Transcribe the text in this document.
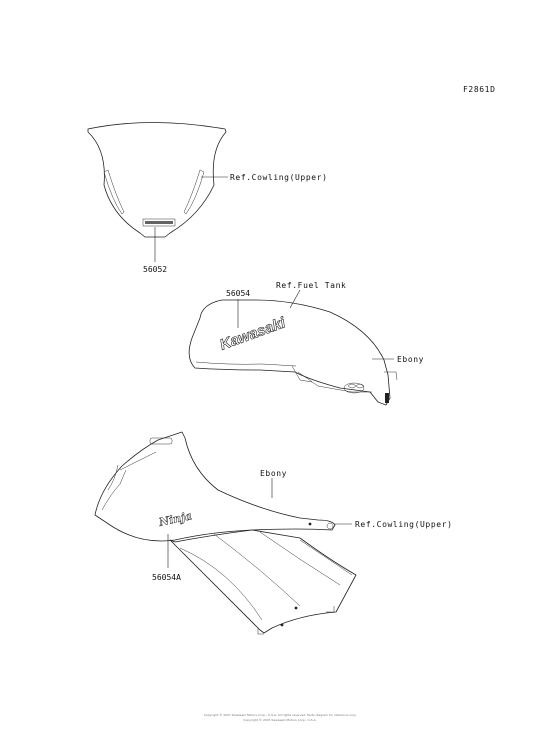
F2861D
Ref.Cowling(Upper)
56052
Kawasaki
56054
Ref.Fuel Tank
Ebony
Ninja
Ebony
Ref.Cowling(Upper)
56054A
Copyright © 2007 Kawasaki Motors Corp., U.S.A. All rights reserved. Parts diagram for reference only.
Copyright © 2007 Kawasaki Motors Corp., U.S.A.
